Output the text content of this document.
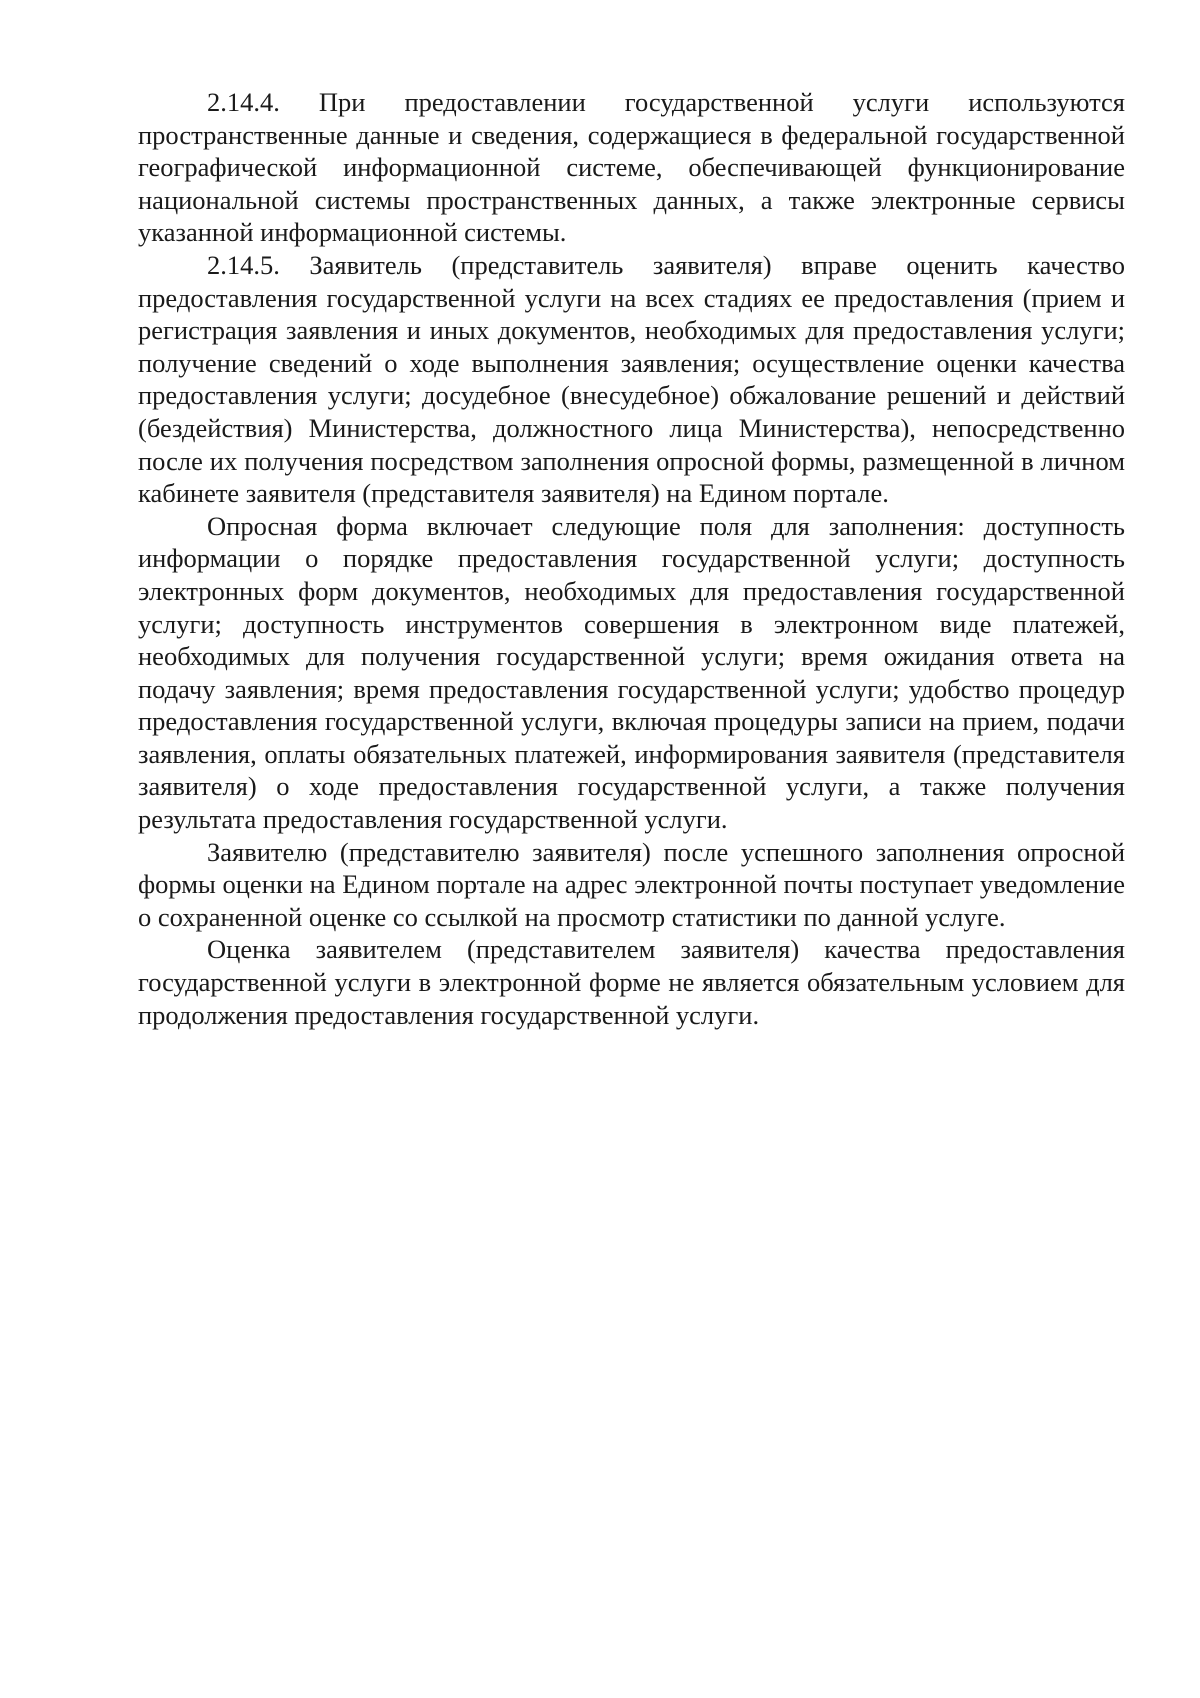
2.14.4. При предоставлении государственной услуги используются пространственные данные и сведения, содержащиеся в федеральной государственной географической информационной системе, обеспечивающей функционирование национальной системы пространственных данных, а также электронные сервисы указанной информационной системы.

2.14.5. Заявитель (представитель заявителя) вправе оценить качество предоставления государственной услуги на всех стадиях ее предоставления (прием и регистрация заявления и иных документов, необходимых для предоставления услуги; получение сведений о ходе выполнения заявления; осуществление оценки качества предоставления услуги; досудебное (внесудебное) обжалование решений и действий (бездействия) Министерства, должностного лица Министерства), непосредственно после их получения посредством заполнения опросной формы, размещенной в личном кабинете заявителя (представителя заявителя) на Едином портале.

Опросная форма включает следующие поля для заполнения: доступность информации о порядке предоставления государственной услуги; доступность электронных форм документов, необходимых для предоставления государственной услуги; доступность инструментов совершения в электронном виде платежей, необходимых для получения государственной услуги; время ожидания ответа на подачу заявления; время предоставления государственной услуги; удобство процедур предоставления государственной услуги, включая процедуры записи на прием, подачи заявления, оплаты обязательных платежей, информирования заявителя (представителя заявителя) о ходе предоставления государственной услуги, а также получения результата предоставления государственной услуги.

Заявителю (представителю заявителя) после успешного заполнения опросной формы оценки на Едином портале на адрес электронной почты поступает уведомление о сохраненной оценке со ссылкой на просмотр статистики по данной услуге.

Оценка заявителем (представителем заявителя) качества предоставления государственной услуги в электронной форме не является обязательным условием для продолжения предоставления государственной услуги.
